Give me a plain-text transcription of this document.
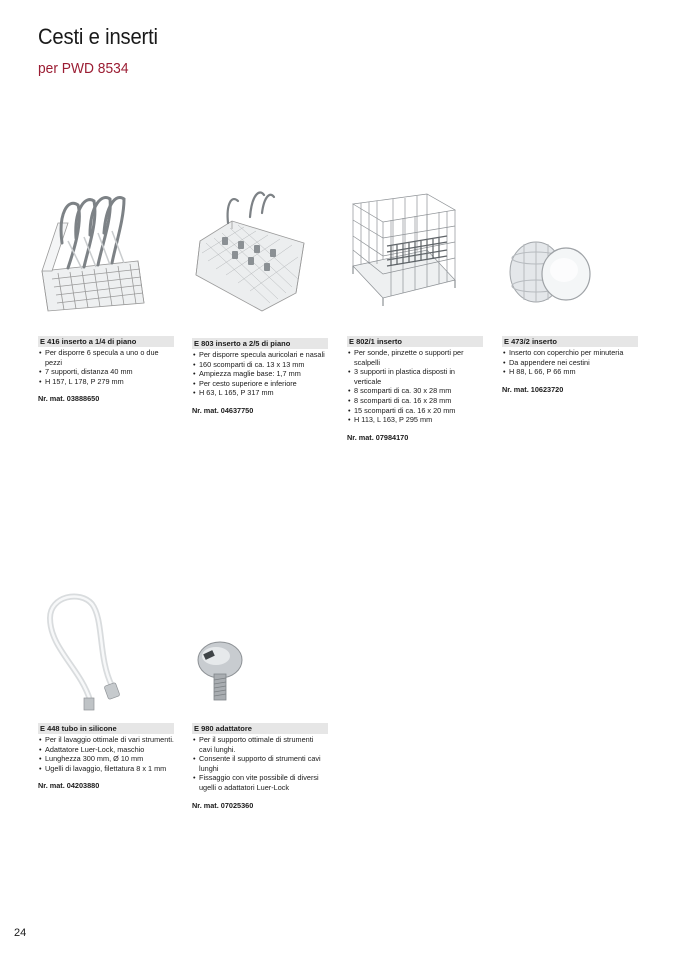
Cesti e inserti
per PWD 8534
E 416 inserto a 1/4 di piano
• Per disporre 6 specula a uno o due pezzi
• 7 supporti, distanza 40 mm
• H 157, L 178, P 279 mm
Nr. mat. 03888650
E 803 inserto a 2/5 di piano
• Per disporre specula auricolari e nasali
• 160 scomparti di ca. 13 x 13 mm
• Ampiezza maglie base: 1,7 mm
• Per cesto superiore e inferiore
• H 63, L 165, P 317 mm
Nr. mat. 04637750
E 802/1 inserto
• Per sonde, pinzette o supporti per scalpelli
• 3 supporti in plastica disposti in verticale
• 8 scomparti di ca. 30 x 28 mm
• 8 scomparti di ca. 16 x 28 mm
• 15 scomparti di ca. 16 x 20 mm
• H 113, L 163, P 295 mm
Nr. mat. 07984170
E 473/2 inserto
• Inserto con coperchio per minuteria
• Da appendere nei cestini
• H 88, L 66, P 66 mm
Nr. mat. 10623720
E 448 tubo in silicone
• Per il lavaggio ottimale di vari strumenti.
• Adattatore Luer-Lock, maschio
• Lunghezza 300 mm, Ø 10 mm
• Ugelli di lavaggio, filettatura 8 x 1 mm
Nr. mat. 04203880
E 980 adattatore
• Per il supporto ottimale di strumenti cavi lunghi.
• Consente il supporto di strumenti cavi lunghi
• Fissaggio con vite possibile di diversi ugelli o adattatori Luer-Lock
Nr. mat. 07025360
24
